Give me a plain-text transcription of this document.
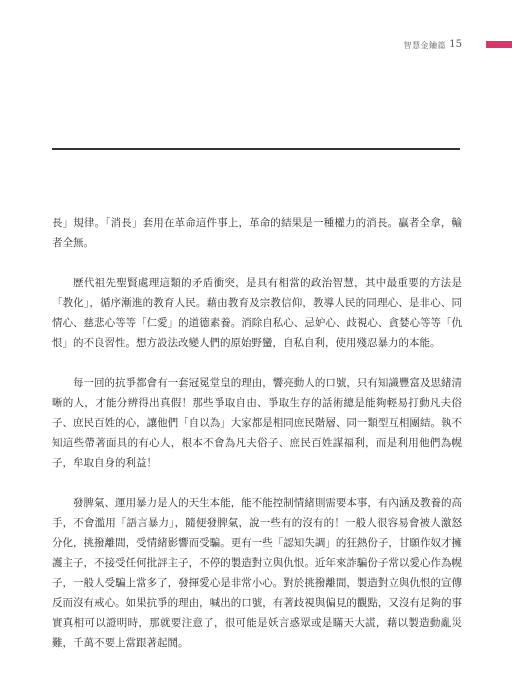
智慧金鑰篇 15

長」規律。「消長」套用在革命這件事上，革命的結果是一種權力的消長。贏者全拿，輸者全無。

歷代祖先聖賢處理這類的矛盾衝突，是具有相當的政治智慧，其中最重要的方法是「教化」，循序漸進的教育人民。藉由教育及宗教信仰，教導人民的同理心、是非心、同情心、慈悲心等等「仁愛」的道德素養。消除自私心、忌妒心、歧視心、貪婪心等等「仇恨」的不良習性。想方設法改變人們的原始野蠻，自私自利，使用殘忍暴力的本能。

每一回的抗爭都會有一套冠冕堂皇的理由，響亮動人的口號，只有知識豐富及思緒清晰的人，才能分辨得出真假！那些爭取自由、爭取生存的話術總是能夠輕易打動凡夫俗子、庶民百姓的心，讓他們「自以為」大家都是相同庶民階層、同一類型互相團結。執不知這些帶著面具的有心人，根本不會為凡夫俗子、庶民百姓謀福利，而是利用他們為幌子，牟取自身的利益！

發脾氣、運用暴力是人的天生本能，能不能控制情緒則需要本事，有內涵及教養的高手，不會濫用「語言暴力」，隨便發脾氣，說一些有的沒有的！一般人很容易會被人激怒分化，挑撥離間，受情緒影響而受騙。更有一些「認知失調」的狂熱份子，甘願作奴才擁護主子，不接受任何批評主子，不停的製造對立與仇恨。近年來詐騙份子常以愛心作為幌子，一般人受騙上當多了，發揮愛心是非常小心。對於挑撥離間，製造對立與仇恨的宣傳反而沒有戒心。如果抗爭的理由，喊出的口號，有著歧視與偏見的觀點，又沒有足夠的事實真相可以證明時，那就要注意了，很可能是妖言惑眾或是瞞天大謊，藉以製造動亂災難，千萬不要上當跟著起鬨。
